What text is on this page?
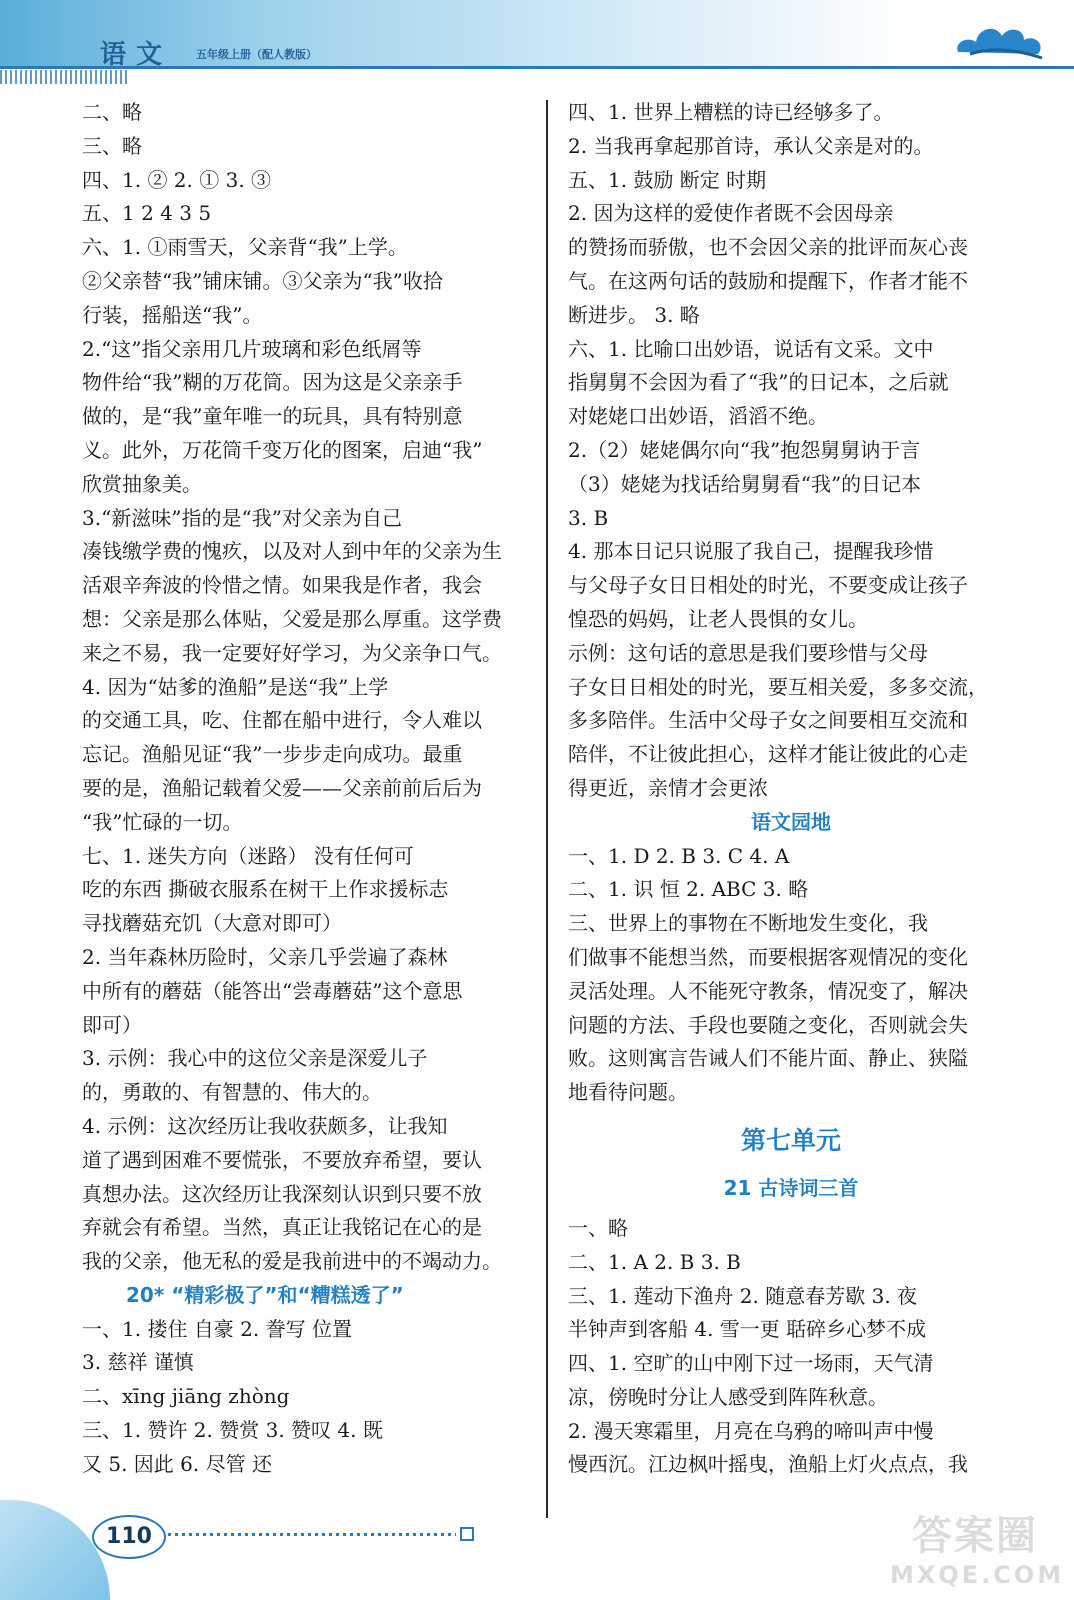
语文 五年级上册（配人教版）
二、略
三、略
四、1. ② 2. ① 3. ③
五、1 2 4 3 5
六、1. ①雨雪天，父亲背“我”上学。
②父亲替“我”铺床铺。③父亲为“我”收拾
行装，摇船送“我”。
2.“这”指父亲用几片玻璃和彩色纸屑等
物件给“我”糊的万花筒。因为这是父亲亲手
做的，是“我”童年唯一的玩具，具有特别意
义。此外，万花筒千变万化的图案，启迪“我”
欣赏抽象美。
3.“新滋味”指的是“我”对父亲为自己
凑钱缴学费的愧疚，以及对人到中年的父亲为生
活艰辛奔波的怜惜之情。如果我是作者，我会
想：父亲是那么体贴，父爱是那么厚重。这学费
来之不易，我一定要好好学习，为父亲争口气。
4. 因为“姑爹的渔船”是送“我”上学
的交通工具，吃、住都在船中进行，令人难以
忘记。渔船见证“我”一步步走向成功。最重
要的是，渔船记载着父爱——父亲前前后后为
“我”忙碌的一切。
七、1. 迷失方向（迷路） 没有任何可
吃的东西 撕破衣服系在树干上作求援标志
寻找蘑菇充饥（大意对即可）
2. 当年森林历险时，父亲几乎尝遍了森林
中所有的蘑菇（能答出“尝毒蘑菇”这个意思
即可）
3. 示例：我心中的这位父亲是深爱儿子
的，勇敢的、有智慧的、伟大的。
4. 示例：这次经历让我收获颇多，让我知
道了遇到困难不要慌张，不要放弃希望，要认
真想办法。这次经历让我深刻认识到只要不放
弃就会有希望。当然，真正让我铭记在心的是
我的父亲，他无私的爱是我前进中的不竭动力。
20* “精彩极了”和“糟糕透了”
一、1. 搂住 自豪 2. 誊写 位置
3. 慈祥 谨慎
二、xīng jiāng zhòng
三、1. 赞许 2. 赞赏 3. 赞叹 4. 既
又 5. 因此 6. 尽管 还
四、1. 世界上糟糕的诗已经够多了。
2. 当我再拿起那首诗，承认父亲是对的。
五、1. 鼓励 断定 时期
2. 因为这样的爱使作者既不会因母亲
的赞扬而骄傲，也不会因父亲的批评而灰心丧
气。在这两句话的鼓励和提醒下，作者才能不
断进步。 3. 略
六、1. 比喻口出妙语，说话有文采。文中
指舅舅不会因为看了“我”的日记本，之后就
对姥姥口出妙语，滔滔不绝。
2.（2）姥姥偶尔向“我”抱怨舅舅讷于言
（3）姥姥为找话给舅舅看“我”的日记本
3. B
4. 那本日记只说服了我自己，提醒我珍惜
与父母子女日日相处的时光，不要变成让孩子
惶恐的妈妈，让老人畏惧的女儿。
示例：这句话的意思是我们要珍惜与父母
子女日日相处的时光，要互相关爱，多多交流，
多多陪伴。生活中父母子女之间要相互交流和
陪伴，不让彼此担心，这样才能让彼此的心走
得更近，亲情才会更浓
语文园地
一、1. D 2. B 3. C 4. A
二、1. 识 恒 2. ABC 3. 略
三、世界上的事物在不断地发生变化，我
们做事不能想当然，而要根据客观情况的变化
灵活处理。人不能死守教条，情况变了，解决
问题的方法、手段也要随之变化，否则就会失
败。这则寓言告诫人们不能片面、静止、狭隘
地看待问题。
第七单元
21 古诗词三首
一、略
二、1. A 2. B 3. B
三、1. 莲动下渔舟 2. 随意春芳歇 3. 夜
半钟声到客船 4. 雪一更 聒碎乡心梦不成
四、1. 空旷的山中刚下过一场雨，天气清
凉，傍晚时分让人感受到阵阵秋意。
2. 漫天寒霜里，月亮在乌鸦的啼叫声中慢
慢西沉。江边枫叶摇曳，渔船上灯火点点，我
110	答案圈
MXQE.COM
